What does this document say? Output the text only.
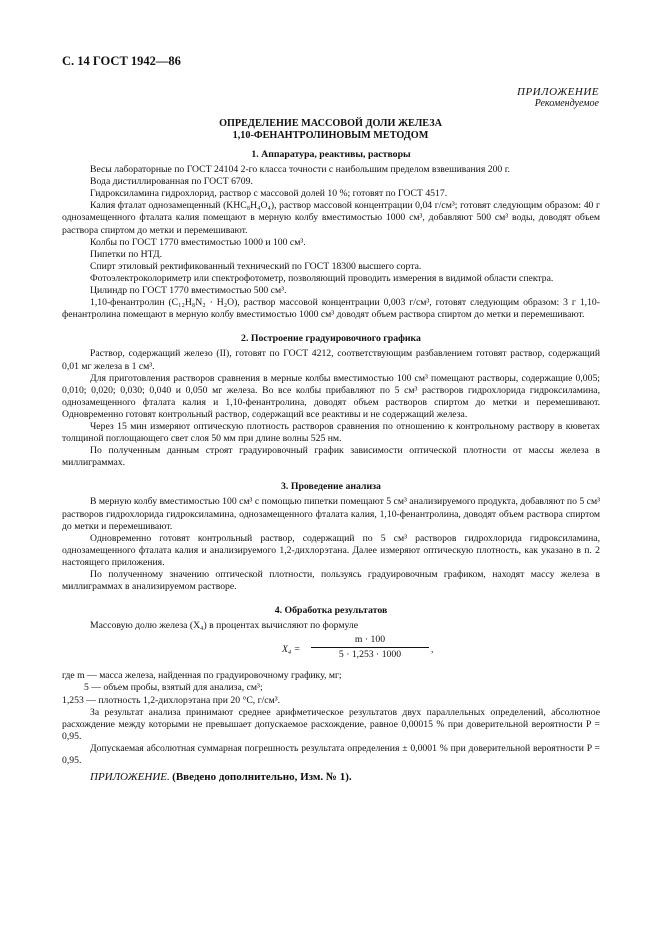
С. 14 ГОСТ 1942—86
ПРИЛОЖЕНИЕ
Рекомендуемое
ОПРЕДЕЛЕНИЕ МАССОВОЙ ДОЛИ ЖЕЛЕЗА
1,10-ФЕНАНТРОЛИНОВЫМ МЕТОДОМ
1. Аппаратура, реактивы, растворы

Весы лабораторные по ГОСТ 24104 2-го класса точности с наибольшим пределом взвешивания 200 г.

Вода дистиллированная по ГОСТ 6709.

Гидроксиламина гидрохлорид, раствор с массовой долей 10 %; готовят по ГОСТ 4517.

Калия фталат однозамещенный (KHC₈H₄O₄), раствор массовой концентрации 0,04 г/см³; готовят следующим образом: 40 г однозамещенного фталата калия помещают в мерную колбу вместимостью 1000 см³, добавляют 500 см³ воды, доводят объем раствора спиртом до метки и перемешивают.

Колбы по ГОСТ 1770 вместимостью 1000 и 100 см³.

Пипетки по НТД.

Спирт этиловый ректификованный технический по ГОСТ 18300 высшего сорта.

Фотоэлектроколориметр или спектрофотометр, позволяющий проводить измерения в видимой области спектра.

Цилиндр по ГОСТ 1770 вместимостью 500 см³.

1,10-фенантролин (C₁₂H₈N₂ · H₂O), раствор массовой концентрации 0,003 г/см³, готовят следующим образом: 3 г 1,10-фенантролина помещают в мерную колбу вместимостью 1000 см³ доводят объем раствора спиртом до метки и перемешивают.

2. Построение градуировочного графика

Раствор, содержащий железо (II), готовят по ГОСТ 4212, соответствующим разбавлением готовят раствор, содержащий 0,01 мг железа в 1 см³.

Для приготовления растворов сравнения в мерные колбы вместимостью 100 см³ помещают растворы, содержащие 0,005; 0,010; 0,020; 0,030; 0,040 и 0,050 мг железа. Во все колбы прибавляют по 5 см³ растворов гидрохлорида гидроксиламина, однозамещенного фталата калия и 1,10-фенантролина, доводят объем растворов спиртом до метки и перемешивают. Одновременно готовят контрольный раствор, содержащий все реактивы и не содержащий железа.

Через 15 мин измеряют оптическую плотность растворов сравнения по отношению к контрольному раствору в кюветах толщиной поглощающего свет слоя 50 мм при длине волны 525 нм.

По полученным данным строят градуировочный график зависимости оптической плотности от массы железа в миллиграммах.

3. Проведение анализа

В мерную колбу вместимостью 100 см³ с помощью пипетки помещают 5 см³ анализируемого продукта, добавляют по 5 см³ растворов гидрохлорида гидроксиламина, однозамещенного фталата калия, 1,10-фенантролина, доводят объем раствора спиртом до метки и перемешивают.

Одновременно готовят контрольный раствор, содержащий по 5 см³ растворов гидрохлорида гидроксиламина, однозамещенного фталата калия и анализируемого 1,2-дихлорэтана. Далее измеряют оптическую плотность, как указано в п. 2 настоящего приложения.

По полученному значению оптической плотности, пользуясь градуировочным графиком, находят массу железа в миллиграммах в анализируемом растворе.

4. Обработка результатов

Массовую долю железа (X₄) в процентах вычисляют по формуле

$X_4 = \frac{m \cdot 100}{5 \cdot 1,253 \cdot 1000}$ ,

где m — масса железа, найденная по градуировочному графику, мг;

5 — объем пробы, взятый для анализа, см³;

1,253 — плотность 1,2-дихлорэтана при 20 °С, г/см³.

За результат анализа принимают среднее арифметическое результатов двух параллельных определений, абсолютное расхождение между которыми не превышает допускаемое расхождение, равное 0,00015 % при доверительной вероятности P = 0,95.

Допускаемая абсолютная суммарная погрешность результата определения ± 0,0001 % при доверительной вероятности P = 0,95.

ПРИЛОЖЕНИЕ. (Введено дополнительно, Изм. № 1).
